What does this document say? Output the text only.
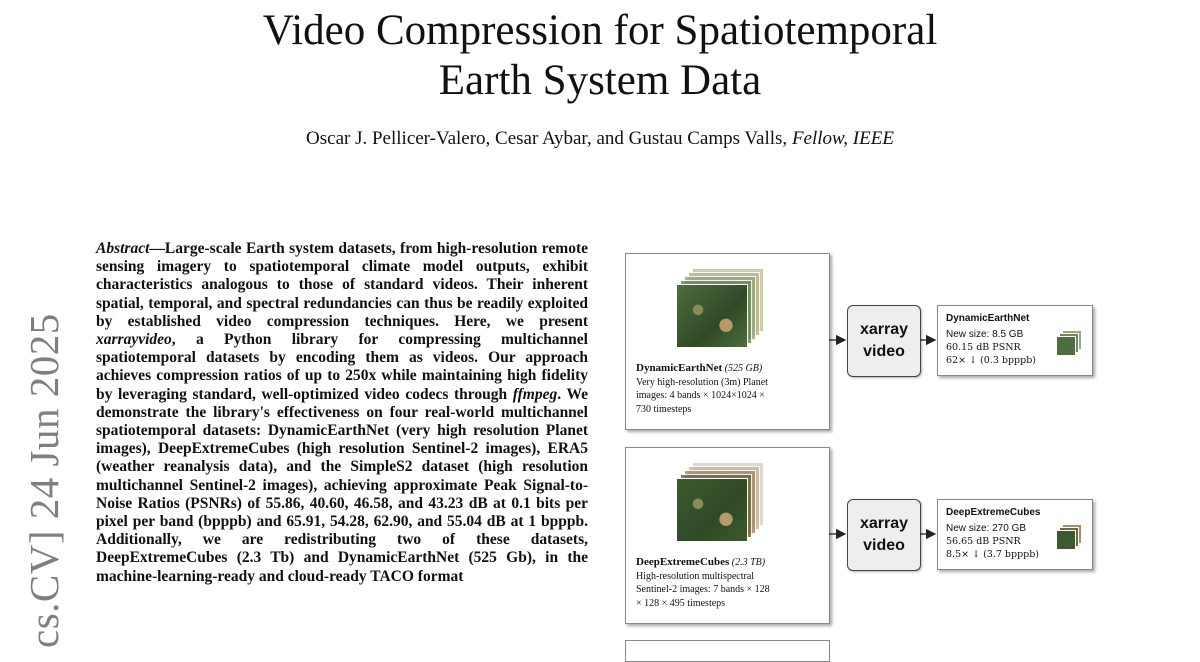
Video Compression for Spatiotemporal
Earth System Data
Oscar J. Pellicer-Valero, Cesar Aybar, and Gustau Camps Valls, Fellow, IEEE
cs.CV] 24 Jun 2025
Abstract—Large-scale Earth system datasets, from high-resolution remote sensing imagery to spatiotemporal climate model outputs, exhibit characteristics analogous to those of standard videos. Their inherent spatial, temporal, and spectral redundancies can thus be readily exploited by established video compression techniques. Here, we present xarrayvideo, a Python library for compressing multichannel spatiotemporal datasets by encoding them as videos. Our approach achieves compression ratios of up to 250x while maintaining high fidelity by leveraging standard, well-optimized video codecs through ffmpeg. We demonstrate the library's effectiveness on four real-world multichannel spatiotemporal datasets: DynamicEarthNet (very high resolution Planet images), DeepExtremeCubes (high resolution Sentinel-2 images), ERA5 (weather reanalysis data), and the SimpleS2 dataset (high resolution multichannel Sentinel-2 images), achieving approximate Peak Signal-to-Noise Ratios (PSNRs) of 55.86, 40.60, 46.58, and 43.23 dB at 0.1 bits per pixel per band (bpppb) and 65.91, 54.28, 62.90, and 55.04 dB at 1 bpppb. Additionally, we are redistributing two of these datasets, DeepExtremeCubes (2.3 Tb) and DynamicEarthNet (525 Gb), in the machine-learning-ready and cloud-ready TACO format
DynamicEarthNet (525 GB)
Very high-resolution (3m) Planet
images: 4 bands × 1024×1024 ×
730 timesteps
xarray
video
DynamicEarthNet
New size: 8.5 GB
60.15 dB PSNR
62× ↓ (0.3 bpppb)
DeepExtremeCubes (2.3 TB)
High-resolution multispectral
Sentinel-2 images: 7 bands × 128
× 128 × 495 timesteps
xarray
video
DeepExtremeCubes
New size: 270 GB
56.65 dB PSNR
8.5× ↓ (3.7 bpppb)
